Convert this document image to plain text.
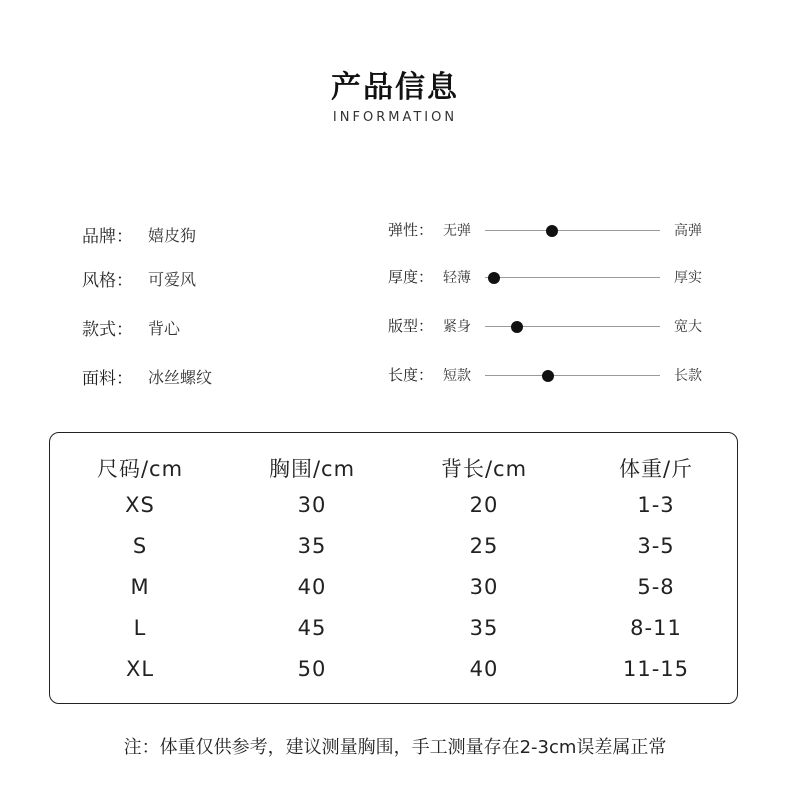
产品信息
INFORMATION
品牌： 嬉皮狗
风格： 可爱风
款式： 背心
面料： 冰丝螺纹
弹性： 无弹	高弹
厚度： 轻薄	厚实
版型： 紧身	宽大
长度： 短款	长款
尺码/cm	胸围/cm	背长/cm	体重/斤
XS	30	20	1-3
S	35	25	3-5
M	40	30	5-8
L	45	35	8-11
XL	50	40	11-15
注：体重仅供参考，建议测量胸围，手工测量存在2-3cm误差属正常
